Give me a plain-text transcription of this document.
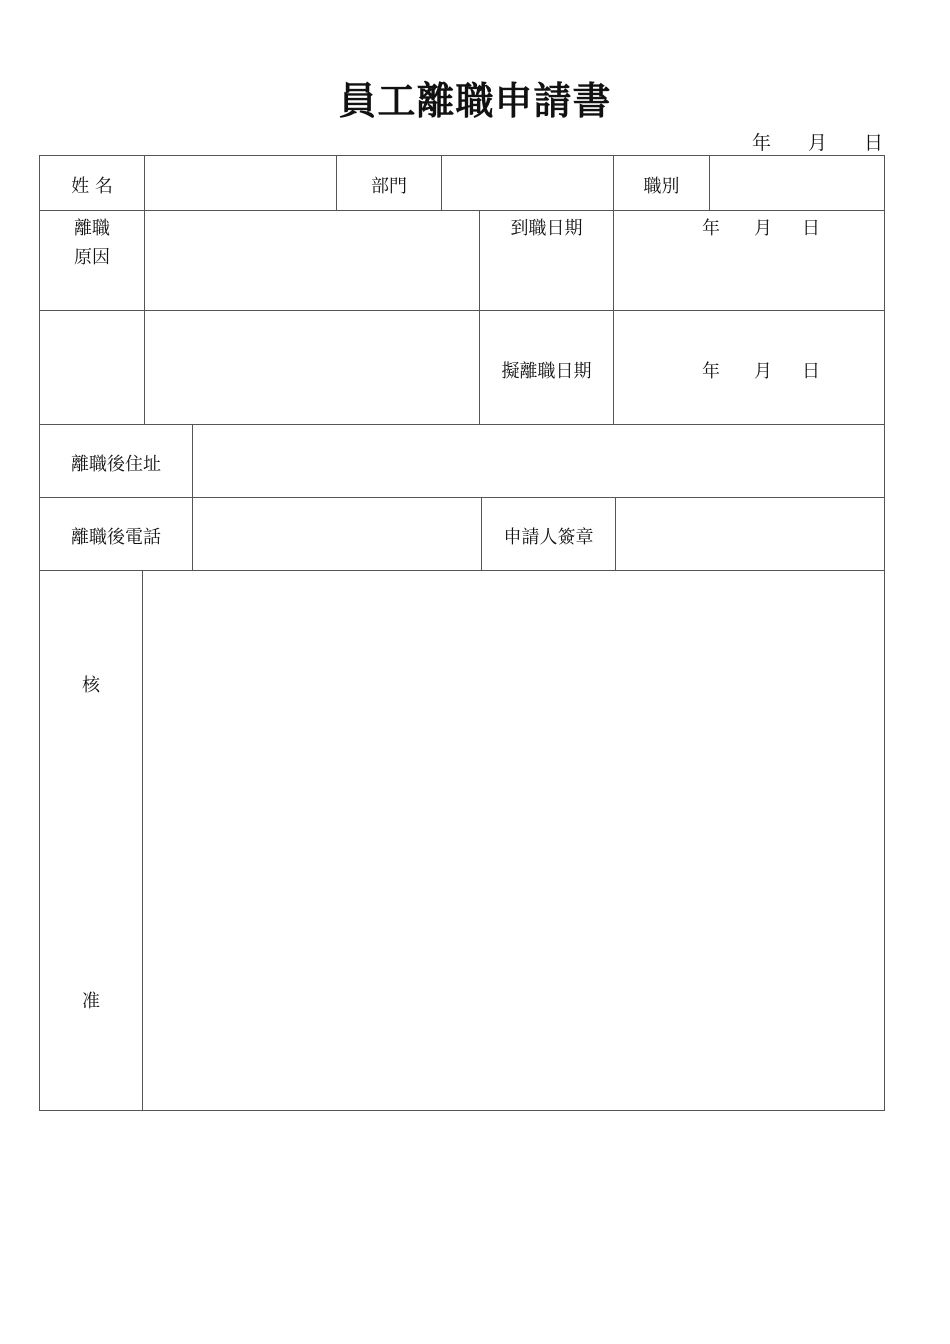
員工離職申請書
年 月 日
姓 名	部門	職別
離職
原因
到職日期	年 月 日
擬離職日期	年 月 日
離職後住址
離職後電話	申請人簽章
核
准
